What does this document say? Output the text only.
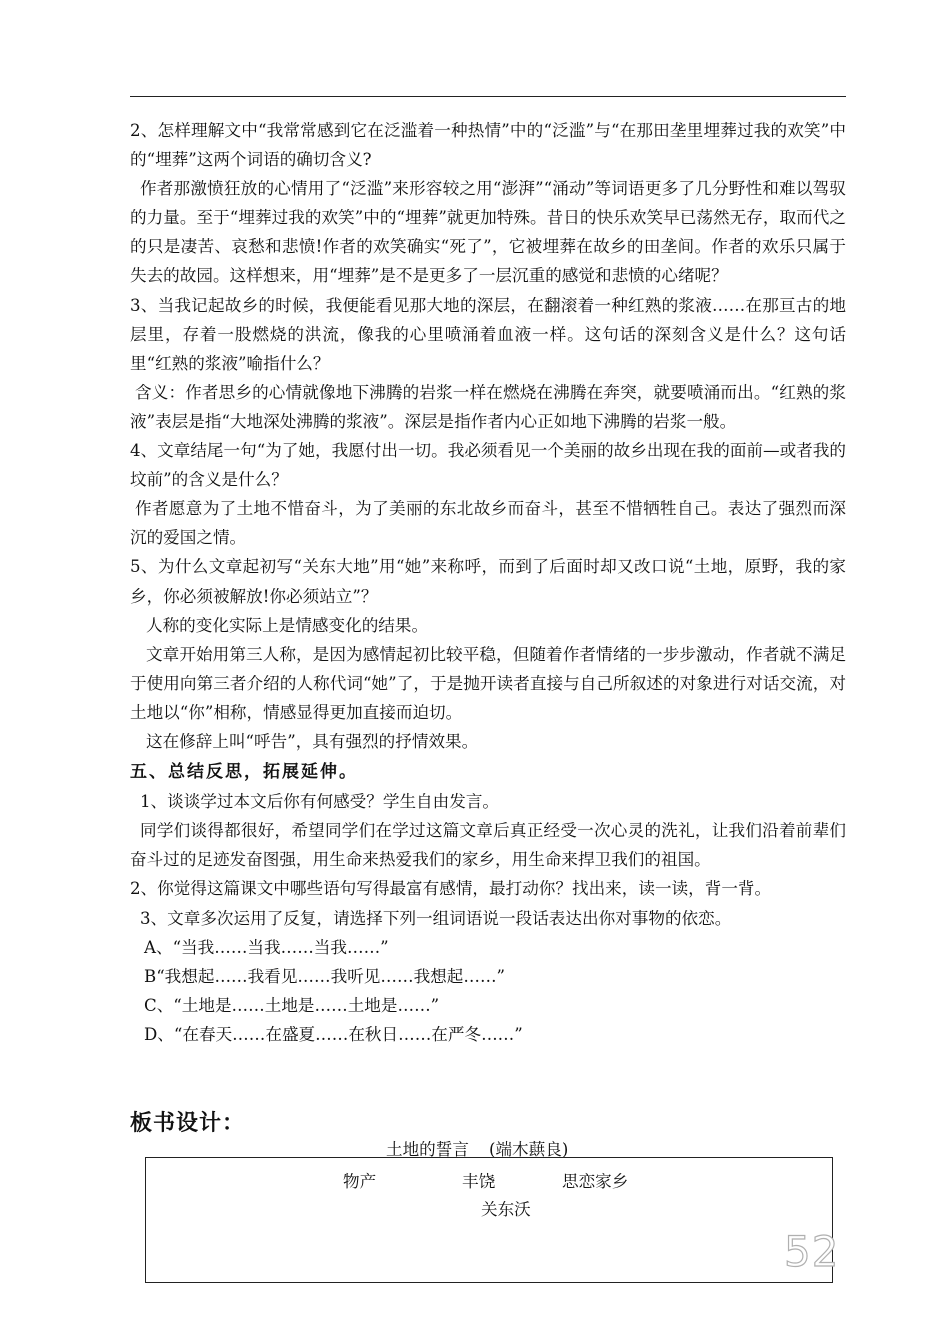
2、怎样理解文中“我常常感到它在泛滥着一种热情”中的“泛滥”与“在那田垄里埋葬过我的欢笑”中的“埋葬”这两个词语的确切含义?

作者那激愤狂放的心情用了“泛滥”来形容较之用“澎湃”“涌动”等词语更多了几分野性和难以驾驭的力量。至于“埋葬过我的欢笑”中的“埋葬”就更加特殊。昔日的快乐欢笑早已荡然无存，取而代之的只是凄苦、哀愁和悲愤!作者的欢笑确实“死了”，它被埋葬在故乡的田垄间。作者的欢乐只属于失去的故园。这样想来，用“埋葬”是不是更多了一层沉重的感觉和悲愤的心绪呢？

3、当我记起故乡的时候，我便能看见那大地的深层，在翻滚着一种红熟的浆液……在那亘古的地层里，存着一股燃烧的洪流，像我的心里喷涌着血液一样。这句话的深刻含义是什么？这句话里“红熟的浆液”喻指什么？

含义：作者思乡的心情就像地下沸腾的岩浆一样在燃烧在沸腾在奔突，就要喷涌而出。“红熟的浆液”表层是指“大地深处沸腾的浆液”。深层是指作者内心正如地下沸腾的岩浆一般。

4、文章结尾一句“为了她，我愿付出一切。我必须看见一个美丽的故乡出现在我的面前—或者我的坟前”的含义是什么？

作者愿意为了土地不惜奋斗，为了美丽的东北故乡而奋斗，甚至不惜牺牲自己。表达了强烈而深沉的爱国之情。

5、为什么文章起初写“关东大地”用“她”来称呼，而到了后面时却又改口说“土地，原野，我的家乡，你必须被解放!你必须站立”？

人称的变化实际上是情感变化的结果。

文章开始用第三人称，是因为感情起初比较平稳，但随着作者情绪的一步步激动，作者就不满足于使用向第三者介绍的人称代词“她”了，于是抛开读者直接与自己所叙述的对象进行对话交流，对土地以“你”相称，情感显得更加直接而迫切。

这在修辞上叫“呼告”，具有强烈的抒情效果。

五、总结反思，拓展延伸。

1、谈谈学过本文后你有何感受？学生自由发言。

同学们谈得都很好，希望同学们在学过这篇文章后真正经受一次心灵的洗礼，让我们沿着前辈们奋斗过的足迹发奋图强，用生命来热爱我们的家乡，用生命来捍卫我们的祖国。

2、你觉得这篇课文中哪些语句写得最富有感情，最打动你？找出来，读一读，背一背。

3、文章多次运用了反复，请选择下列一组词语说一段话表达出你对事物的依恋。

A、“当我……当我……当我……”

B“我想起……我看见……我听见……我想起……”

C、“土地是……土地是……土地是……”

D、“在春天……在盛夏……在秋日……在严冬……”

板书设计：
土地的誓言 (端木蕻良)
物产	丰饶	思恋家乡
关东沃
52
